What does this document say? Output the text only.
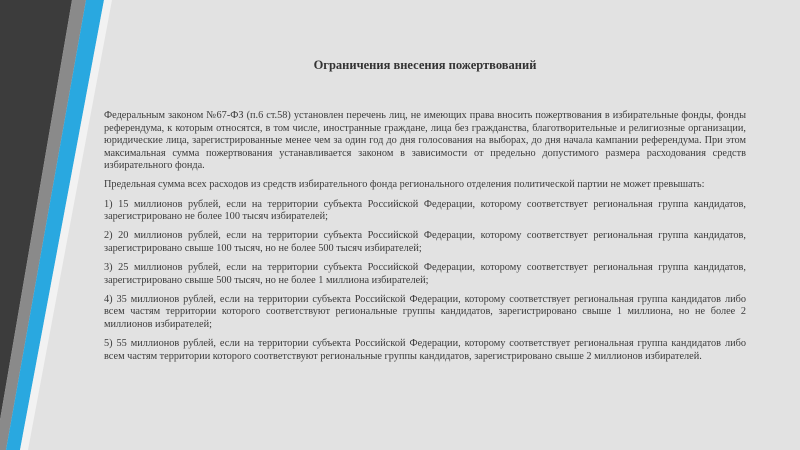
Ограничения внесения пожертвований

Федеральным законом №67-ФЗ (п.6 ст.58) установлен перечень лиц, не имеющих права вносить пожертвования в избирательные фонды, фонды референдума, к которым относятся, в том числе, иностранные граждане, лица без гражданства, благотворительные и религиозные организации, юридические лица, зарегистрированные менее чем за один год до дня голосования на выборах, до дня начала кампании референдума. При этом максимальная сумма пожертвования устанавливается законом в зависимости от предельно допустимого размера расходования средств избирательного фонда.

Предельная сумма всех расходов из средств избирательного фонда регионального отделения политической партии не может превышать:

1) 15 миллионов рублей, если на территории субъекта Российской Федерации, которому соответствует региональная группа кандидатов, зарегистрировано не более 100 тысяч избирателей;

2) 20 миллионов рублей, если на территории субъекта Российской Федерации, которому соответствует региональная группа кандидатов, зарегистрировано свыше 100 тысяч, но не более 500 тысяч избирателей;

3) 25 миллионов рублей, если на территории субъекта Российской Федерации, которому соответствует региональная группа кандидатов, зарегистрировано свыше 500 тысяч, но не более 1 миллиона избирателей;

4) 35 миллионов рублей, если на территории субъекта Российской Федерации, которому соответствует региональная группа кандидатов либо всем частям территории которого соответствуют региональные группы кандидатов, зарегистрировано свыше 1 миллиона, но не более 2 миллионов избирателей;

5) 55 миллионов рублей, если на территории субъекта Российской Федерации, которому соответствует региональная группа кандидатов либо всем частям территории которого соответствуют региональные группы кандидатов, зарегистрировано свыше 2 миллионов избирателей.
